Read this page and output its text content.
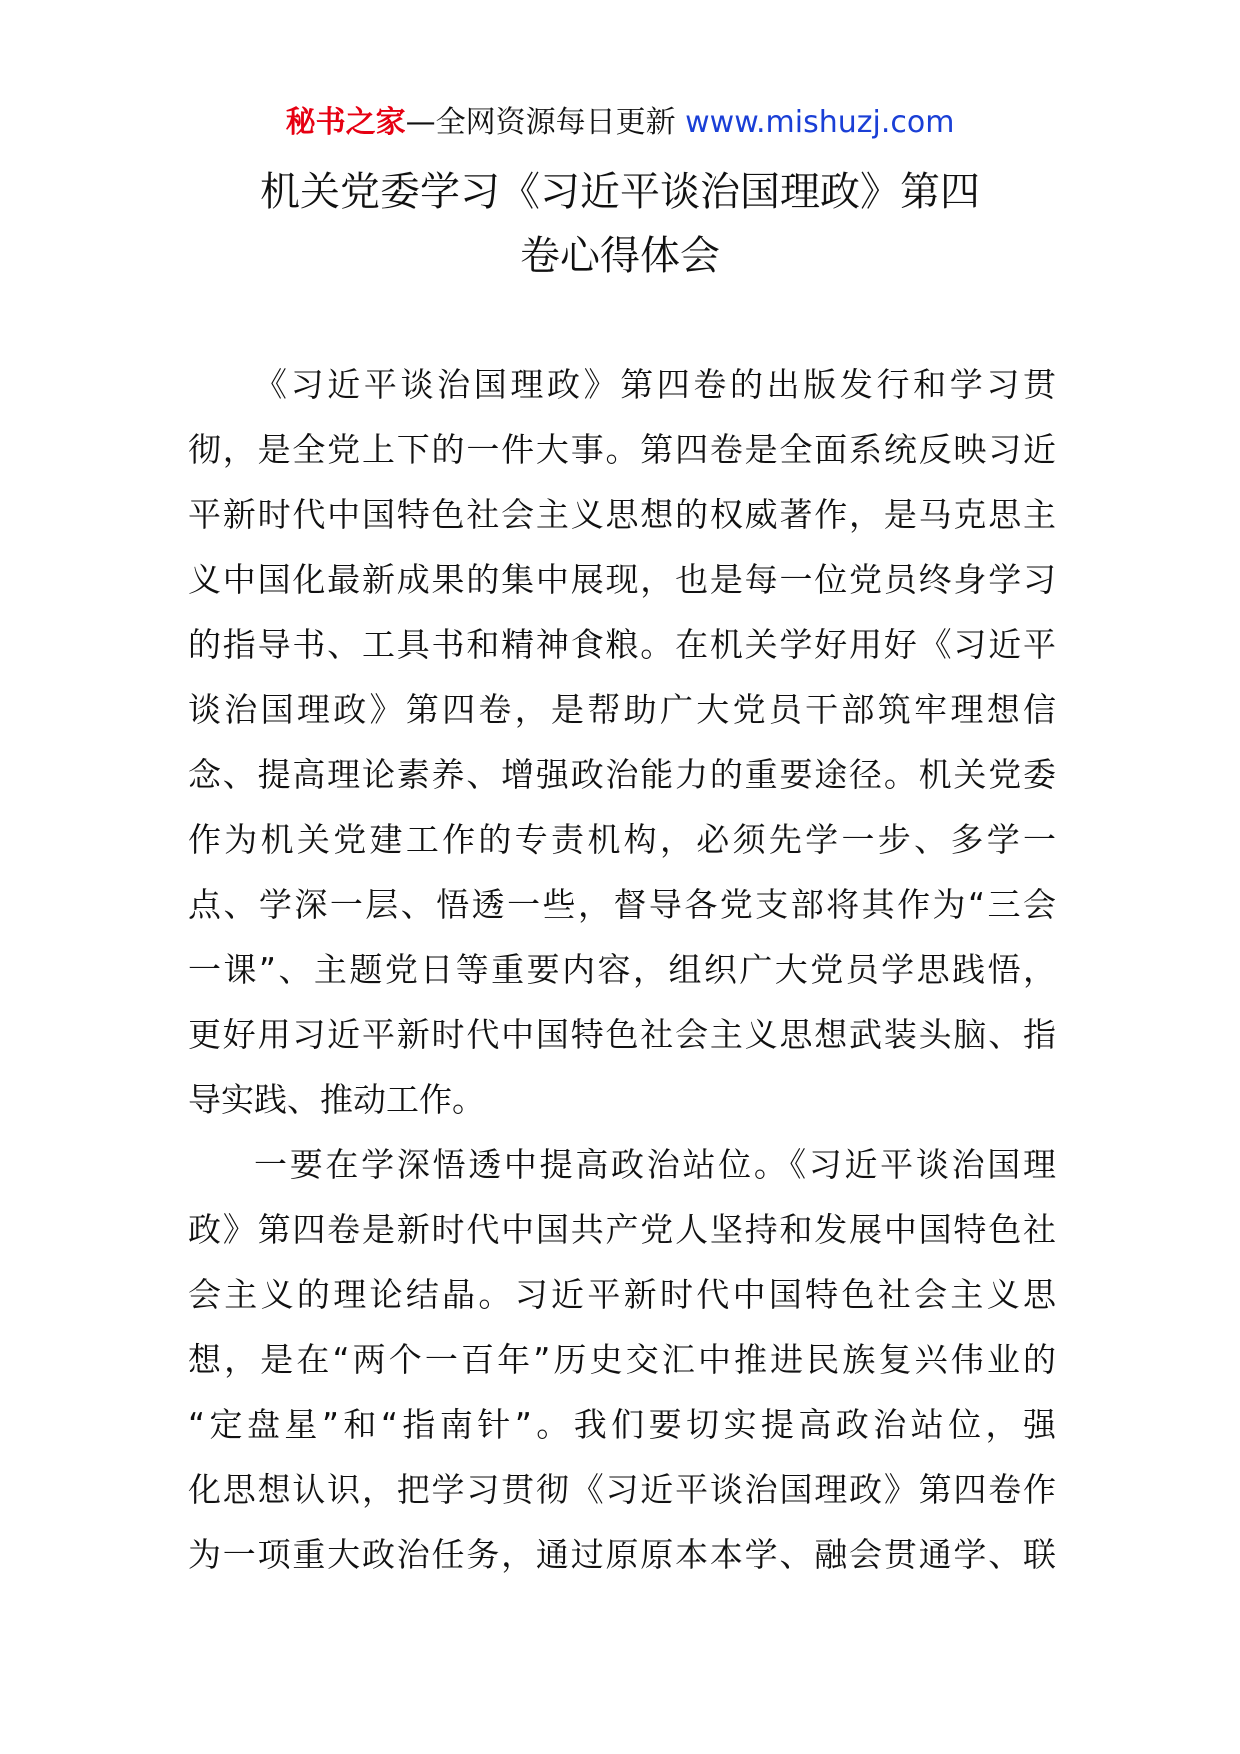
秘书之家—全网资源每日更新 www.mishuzj.com
机关党委学习《习近平谈治国理政》第四
卷心得体会
《习近平谈治国理政》第四卷的出版发行和学习贯
彻，是全党上下的一件大事。第四卷是全面系统反映习近
平新时代中国特色社会主义思想的权威著作，是马克思主
义中国化最新成果的集中展现，也是每一位党员终身学习
的指导书、工具书和精神食粮。在机关学好用好《习近平
谈治国理政》第四卷，是帮助广大党员干部筑牢理想信
念、提高理论素养、增强政治能力的重要途径。机关党委
作为机关党建工作的专责机构，必须先学一步、多学一
点、学深一层、悟透一些，督导各党支部将其作为“三会
一课”、主题党日等重要内容，组织广大党员学思践悟，
更好用习近平新时代中国特色社会主义思想武装头脑、指
导实践、推动工作。
一要在学深悟透中提高政治站位。《习近平谈治国理
政》第四卷是新时代中国共产党人坚持和发展中国特色社
会主义的理论结晶。习近平新时代中国特色社会主义思
想，是在“两个一百年”历史交汇中推进民族复兴伟业的
“定盘星”和“指南针”。我们要切实提高政治站位，强
化思想认识，把学习贯彻《习近平谈治国理政》第四卷作
为一项重大政治任务，通过原原本本学、融会贯通学、联
